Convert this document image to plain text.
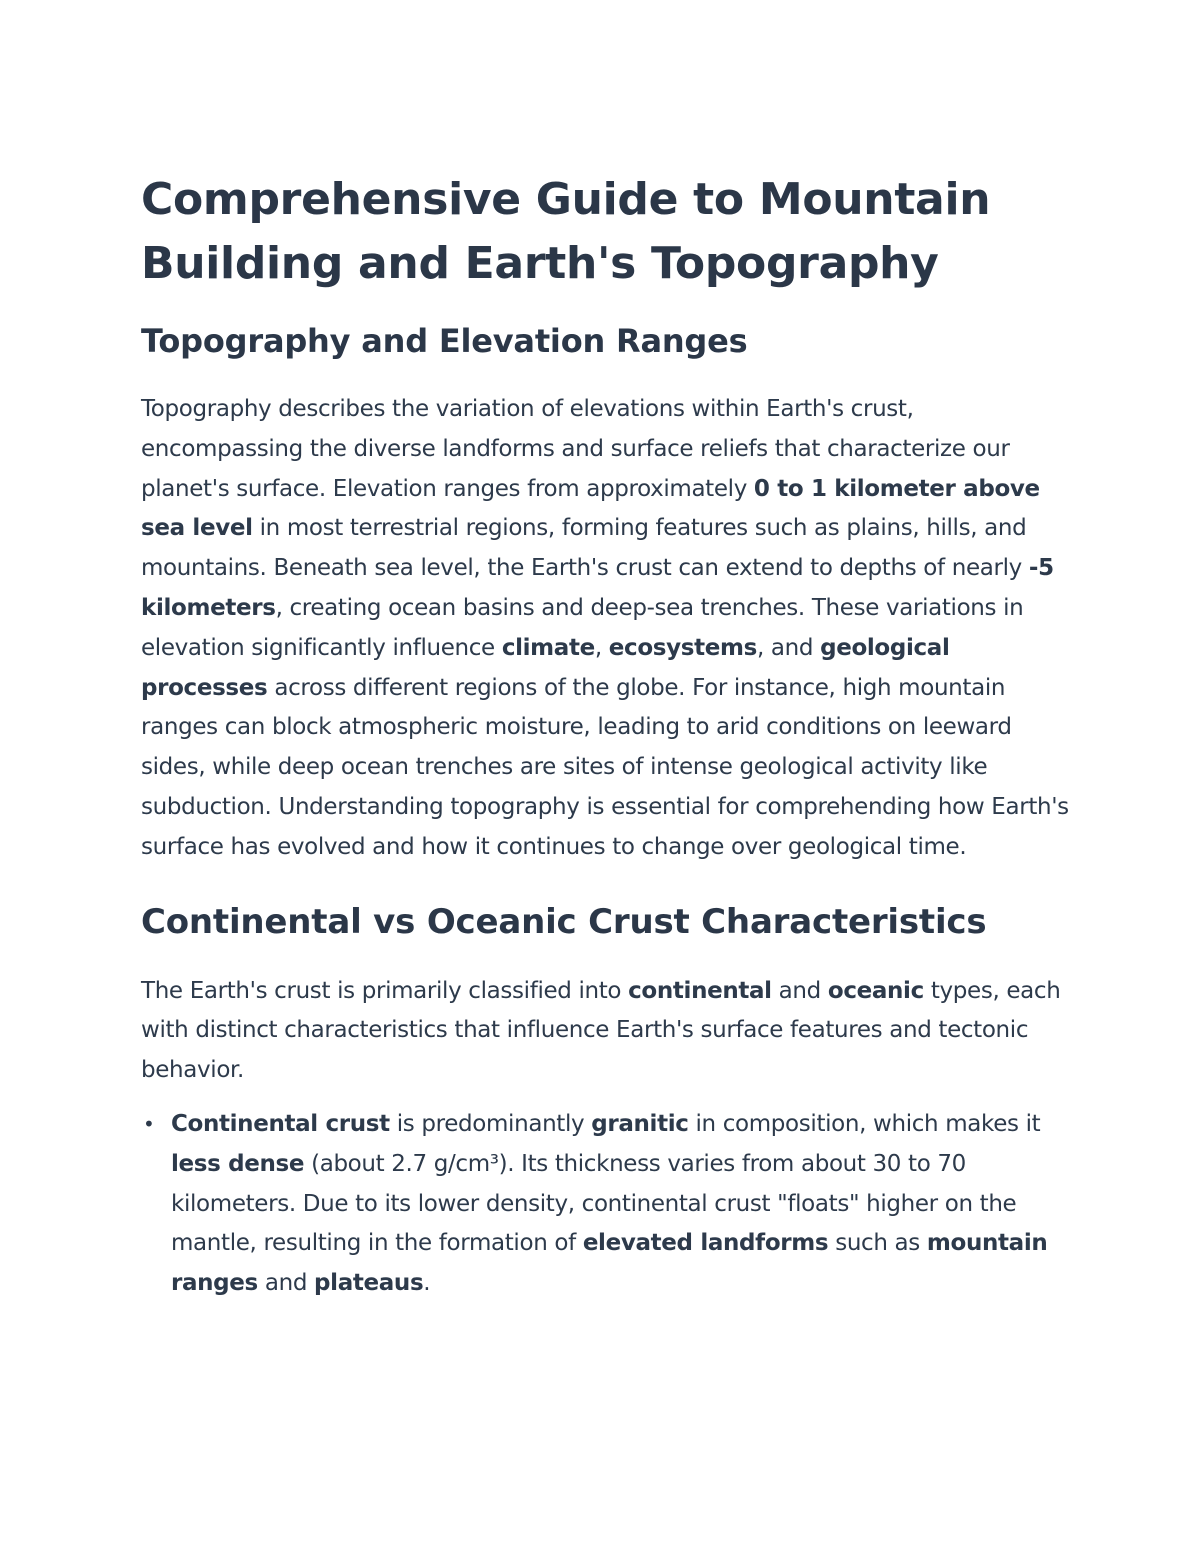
Comprehensive Guide to Mountain Building and Earth's Topography
Topography and Elevation Ranges

Topography describes the variation of elevations within Earth's crust, encompassing the diverse landforms and surface reliefs that characterize our planet's surface. Elevation ranges from approximately 0 to 1 kilometer above sea level in most terrestrial regions, forming features such as plains, hills, and mountains. Beneath sea level, the Earth's crust can extend to depths of nearly -5 kilometers, creating ocean basins and deep-sea trenches. These variations in elevation significantly influence climate, ecosystems, and geological processes across different regions of the globe. For instance, high mountain ranges can block atmospheric moisture, leading to arid conditions on leeward sides, while deep ocean trenches are sites of intense geological activity like subduction. Understanding topography is essential for comprehending how Earth's surface has evolved and how it continues to change over geological time.

Continental vs Oceanic Crust Characteristics

The Earth's crust is primarily classified into continental and oceanic types, each with distinct characteristics that influence Earth's surface features and tectonic behavior.

• Continental crust is predominantly granitic in composition, which makes it less dense (about 2.7 g/cm³). Its thickness varies from about 30 to 70 kilometers. Due to its lower density, continental crust "floats" higher on the mantle, resulting in the formation of elevated landforms such as mountain ranges and plateaus.
